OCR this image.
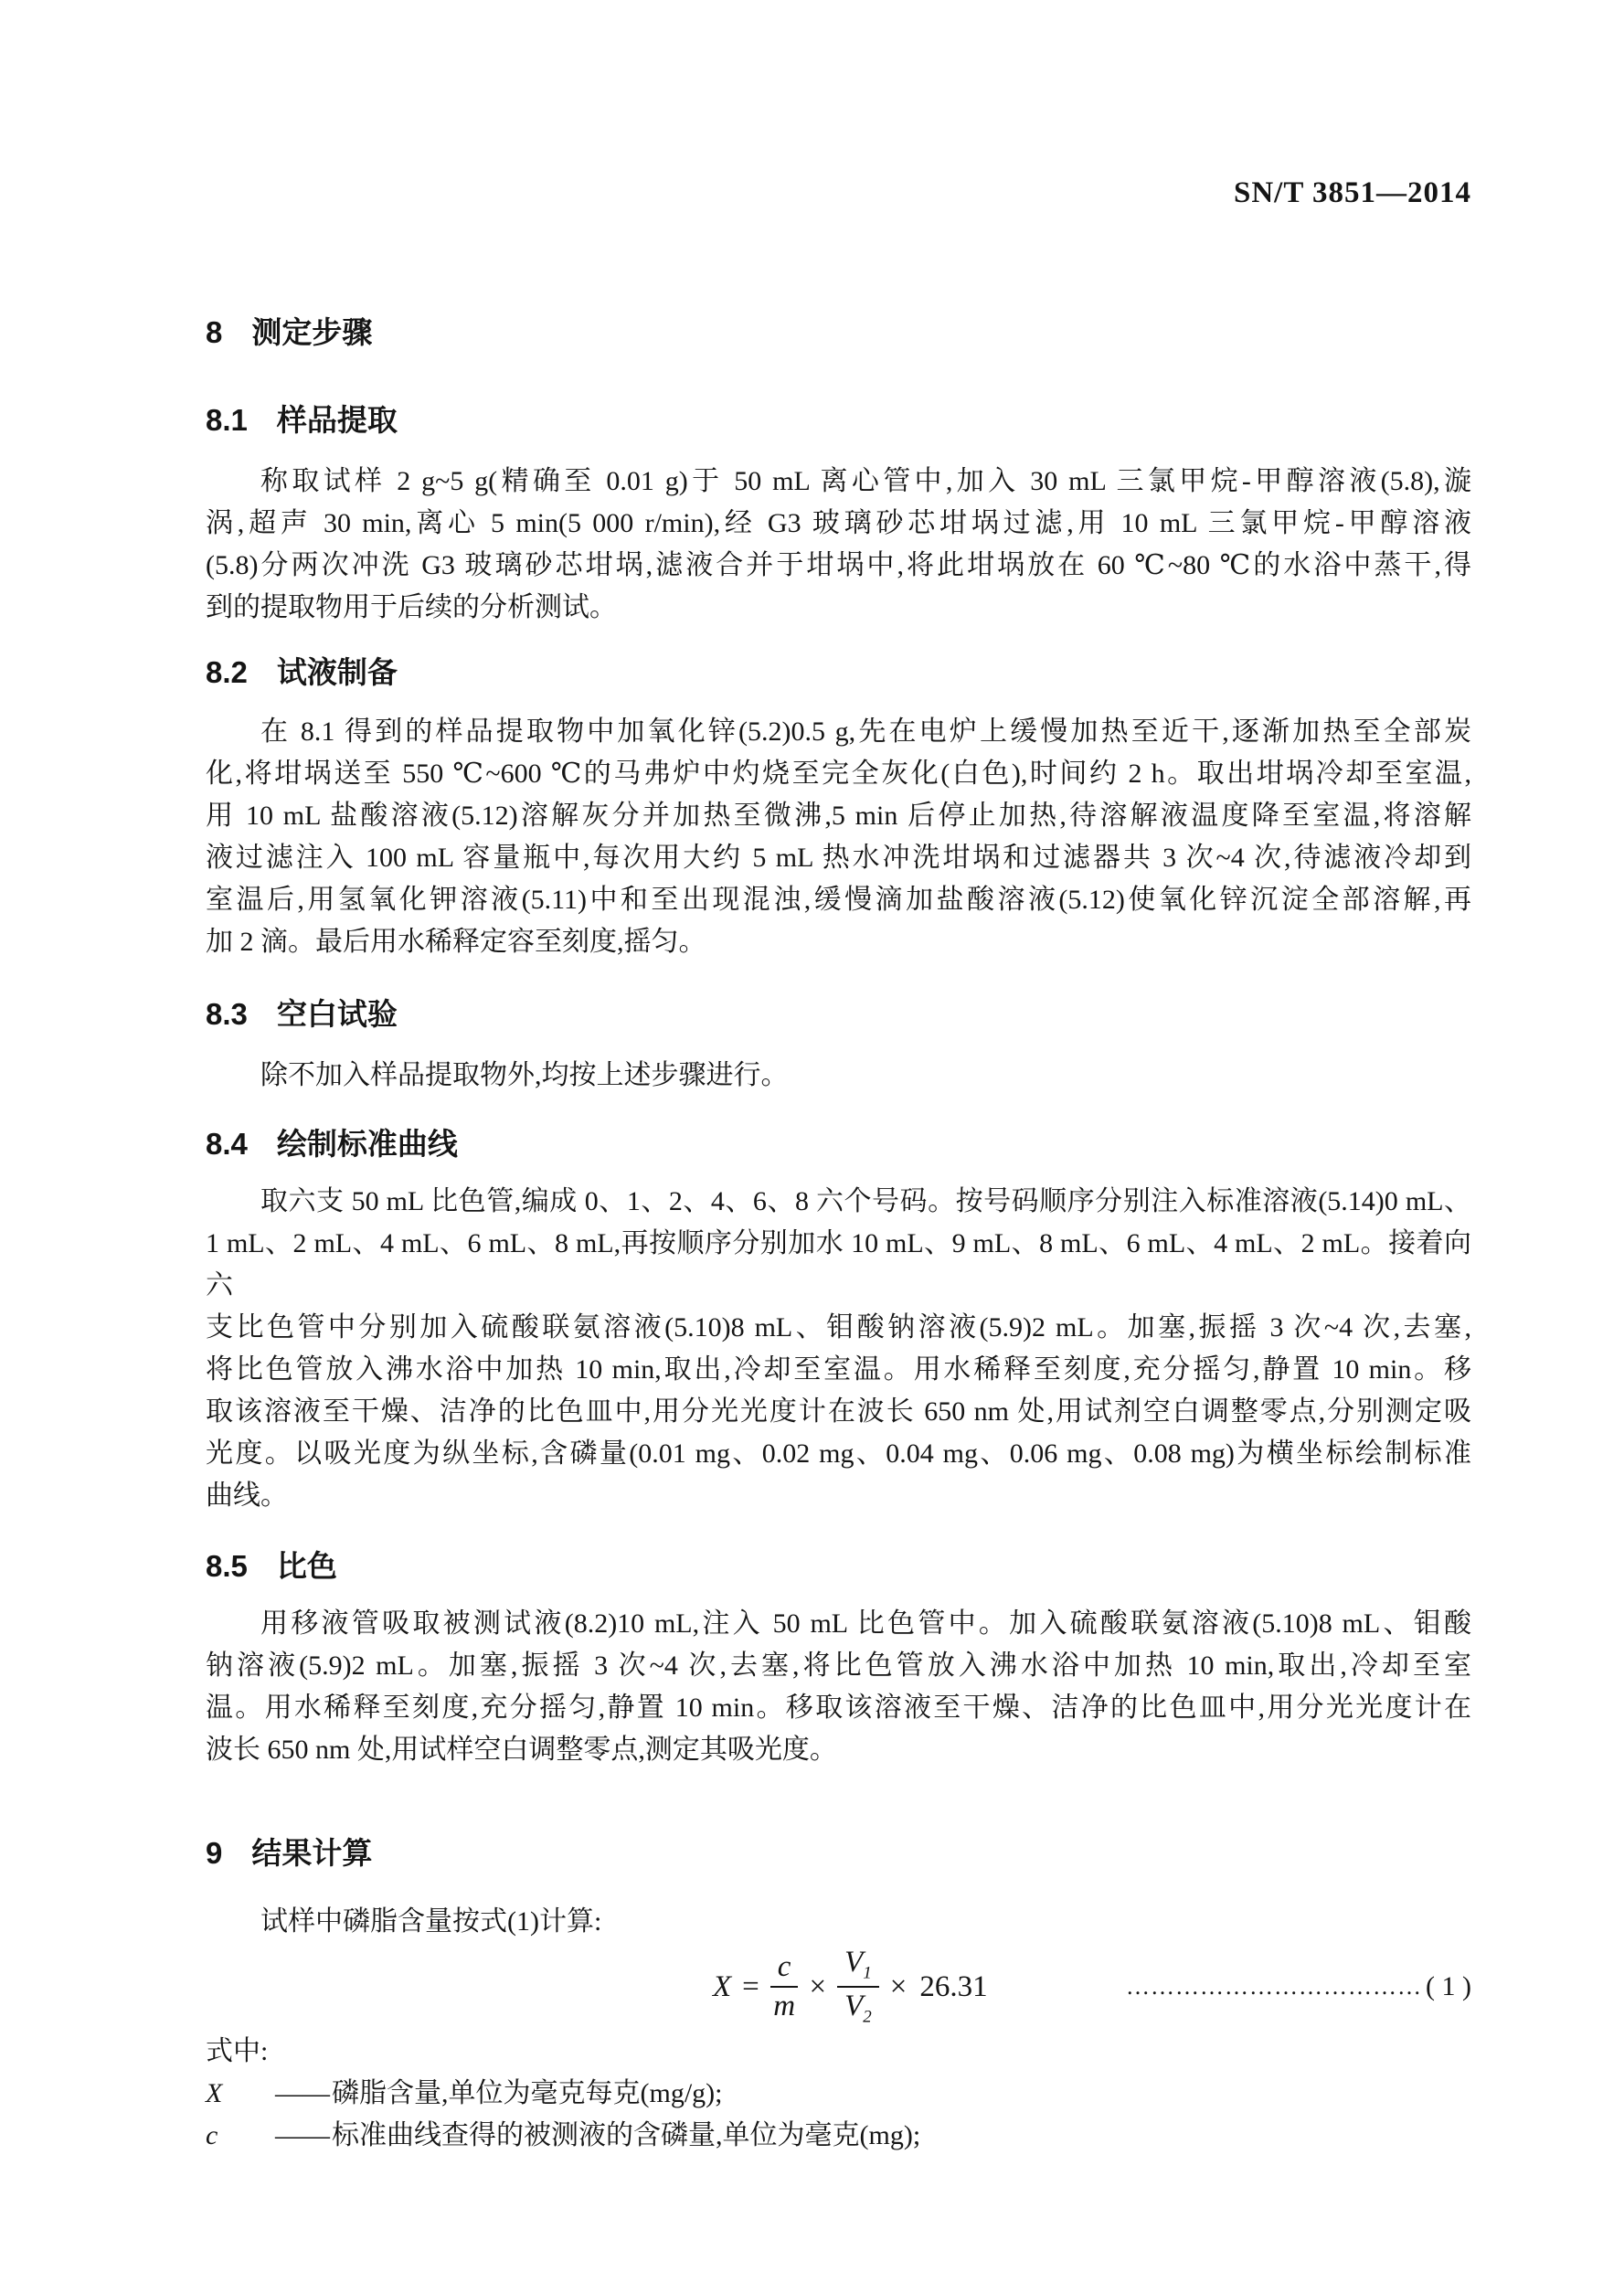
SN/T 3851—2014
8 测定步骤
8.1 样品提取
称取试样 2 g~5 g(精确至 0.01 g)于 50 mL 离心管中,加入 30 mL 三氯甲烷-甲醇溶液(5.8),漩
涡,超声 30 min,离心 5 min(5 000 r/min),经 G3 玻璃砂芯坩埚过滤,用 10 mL 三氯甲烷-甲醇溶液
(5.8)分两次冲洗 G3 玻璃砂芯坩埚,滤液合并于坩埚中,将此坩埚放在 60 ℃~80 ℃的水浴中蒸干,得
到的提取物用于后续的分析测试。
8.2 试液制备
在 8.1 得到的样品提取物中加氧化锌(5.2)0.5 g,先在电炉上缓慢加热至近干,逐渐加热至全部炭
化,将坩埚送至 550 ℃~600 ℃的马弗炉中灼烧至完全灰化(白色),时间约 2 h。取出坩埚冷却至室温,
用 10 mL 盐酸溶液(5.12)溶解灰分并加热至微沸,5 min 后停止加热,待溶解液温度降至室温,将溶解
液过滤注入 100 mL 容量瓶中,每次用大约 5 mL 热水冲洗坩埚和过滤器共 3 次~4 次,待滤液冷却到
室温后,用氢氧化钾溶液(5.11)中和至出现混浊,缓慢滴加盐酸溶液(5.12)使氧化锌沉淀全部溶解,再
加 2 滴。最后用水稀释定容至刻度,摇匀。
8.3 空白试验
除不加入样品提取物外,均按上述步骤进行。
8.4 绘制标准曲线
取六支 50 mL 比色管,编成 0、1、2、4、6、8 六个号码。按号码顺序分别注入标准溶液(5.14)0 mL、
1 mL、2 mL、4 mL、6 mL、8 mL,再按顺序分别加水 10 mL、9 mL、8 mL、6 mL、4 mL、2 mL。接着向六
支比色管中分别加入硫酸联氨溶液(5.10)8 mL、钼酸钠溶液(5.9)2 mL。加塞,振摇 3 次~4 次,去塞,
将比色管放入沸水浴中加热 10 min,取出,冷却至室温。用水稀释至刻度,充分摇匀,静置 10 min。移
取该溶液至干燥、洁净的比色皿中,用分光光度计在波长 650 nm 处,用试剂空白调整零点,分别测定吸
光度。以吸光度为纵坐标,含磷量(0.01 mg、0.02 mg、0.04 mg、0.06 mg、0.08 mg)为横坐标绘制标准
曲线。
8.5 比色
用移液管吸取被测试液(8.2)10 mL,注入 50 mL 比色管中。加入硫酸联氨溶液(5.10)8 mL、钼酸
钠溶液(5.9)2 mL。加塞,振摇 3 次~4 次,去塞,将比色管放入沸水浴中加热 10 min,取出,冷却至室
温。用水稀释至刻度,充分摇匀,静置 10 min。移取该溶液至干燥、洁净的比色皿中,用分光光度计在
波长 650 nm 处,用试样空白调整零点,测定其吸光度。
9 结果计算
试样中磷脂含量按式(1)计算:
$X = \frac{c}{m} \times \frac{V_1}{V_2} \times 26.31$	……………………………… ( 1 )
式中:
X	——磷脂含量,单位为毫克每克(mg/g);
c	——标准曲线查得的被测液的含磷量,单位为毫克(mg);
